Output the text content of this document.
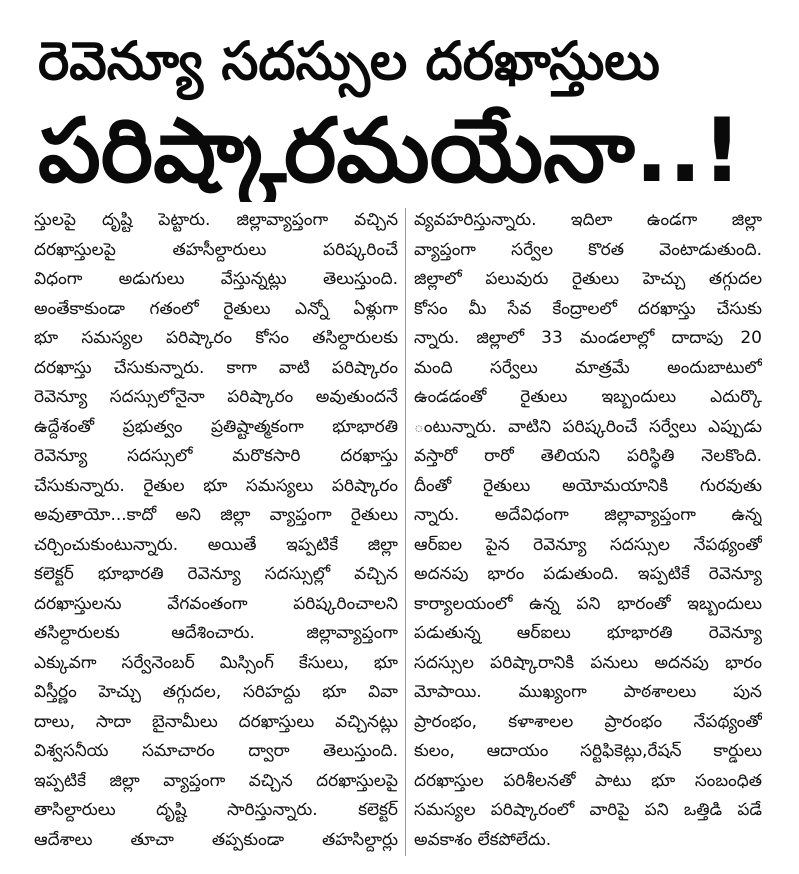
రెవెన్యూ సదస్సుల దరఖాస్తులు
పరిష్కారమయేనా..!
స్తులపై దృష్టి పెట్టారు. జిల్లావ్యాప్తంగా వచ్చిన
దరఖాస్తులపై తహసీల్దారులు పరిష్కరించే
విధంగా అడుగులు వేస్తున్నట్లు తెలుస్తుంది.
అంతేకాకుండా గతంలో రైతులు ఎన్నో ఏళ్లుగా
భూ సమస్యల పరిష్కారం కోసం తసిల్దారులకు
దరఖాస్తు చేసుకున్నారు. కాగా వాటి పరిష్కారం
రెవెన్యూ సదస్సులోనైనా పరిష్కారం అవుతుందనే
ఉద్దేశంతో ప్రభుత్వం ప్రతిష్టాత్మకంగా భూభారతి
రెవెన్యూ సదస్సులో మరొకసారి దరఖాస్తు
చేసుకున్నారు. రైతుల భూ సమస్యలు పరిష్కారం
అవుతాయో...కాదో అని జిల్లా వ్యాప్తంగా రైతులు
చర్చించుకుంటున్నారు. అయితే ఇప్పటికే జిల్లా
కలెక్టర్ భూభారతి రెవెన్యూ సదస్సుల్లో వచ్చిన
దరఖాస్తులను వేగవంతంగా పరిష్కరించాలని
తసిల్దారులకు ఆదేశించారు. జిల్లావ్యాప్తంగా
ఎక్కువగా సర్వేనెంబర్ మిస్సింగ్ కేసులు, భూ
విస్తీర్ణం హెచ్చు తగ్గుదల, సరిహద్దు భూ వివా
దాలు, సాదా బైనామీలు దరఖాస్తులు వచ్చినట్లు
విశ్వసనీయ సమాచారం ద్వారా తెలుస్తుంది.
ఇప్పటికే జిల్లా వ్యాప్తంగా వచ్చిన దరఖాస్తులపై
తాసిల్దారులు దృష్టి సారిస్తున్నారు. కలెక్టర్
ఆదేశాలు తూచా తప్పకుండా తహసిల్దార్లు
వ్యవహరిస్తున్నారు. ఇదిలా ఉండగా జిల్లా
వ్యాప్తంగా సర్వేల కొరత వెంటాడుతుంది.
జిల్లాలో పలువురు రైతులు హెచ్చు తగ్గుదల
కోసం మీ సేవ కేంద్రాలలో దరఖాస్తు చేసుకు
న్నారు. జిల్లాలో 33 మండలాల్లో దాదాపు 20
మంది సర్వేలు మాత్రమే అందుబాటులో
ఉండడంతో రైతులు ఇబ్బందులు ఎదుర్కొ
ంటున్నారు. వాటిని పరిష్కరించే సర్వేలు ఎప్పుడు
వస్తారో రారో తెలియని పరిస్థితి నెలకొంది.
దీంతో రైతులు అయోమయానికి గురవుతు
న్నారు. అదేవిధంగా జిల్లావ్యాప్తంగా ఉన్న
ఆర్ఐల పైన రెవెన్యూ సదస్సుల నేపథ్యంతో
అదనపు భారం పడుతుంది. ఇప్పటికే రెవెన్యూ
కార్యాలయంలో ఉన్న పని భారంతో ఇబ్బందులు
పడుతున్న ఆర్ఐలు భూభారతి రెవెన్యూ
సదస్సుల పరిష్కారానికి పనులు అదనపు భారం
మోపాయి. ముఖ్యంగా పాఠశాలలు పున
ప్రారంభం, కళాశాలల ప్రారంభం నేపథ్యంతో
కులం, ఆదాయం సర్టిఫికెట్లు,రేషన్ కార్డులు
దరఖాస్తుల పరిశీలనతో పాటు భూ సంబంధిత
సమస్యల పరిష్కారంలో వారిపై పని ఒత్తిడి పడే
అవకాశం లేకపోలేదు.
